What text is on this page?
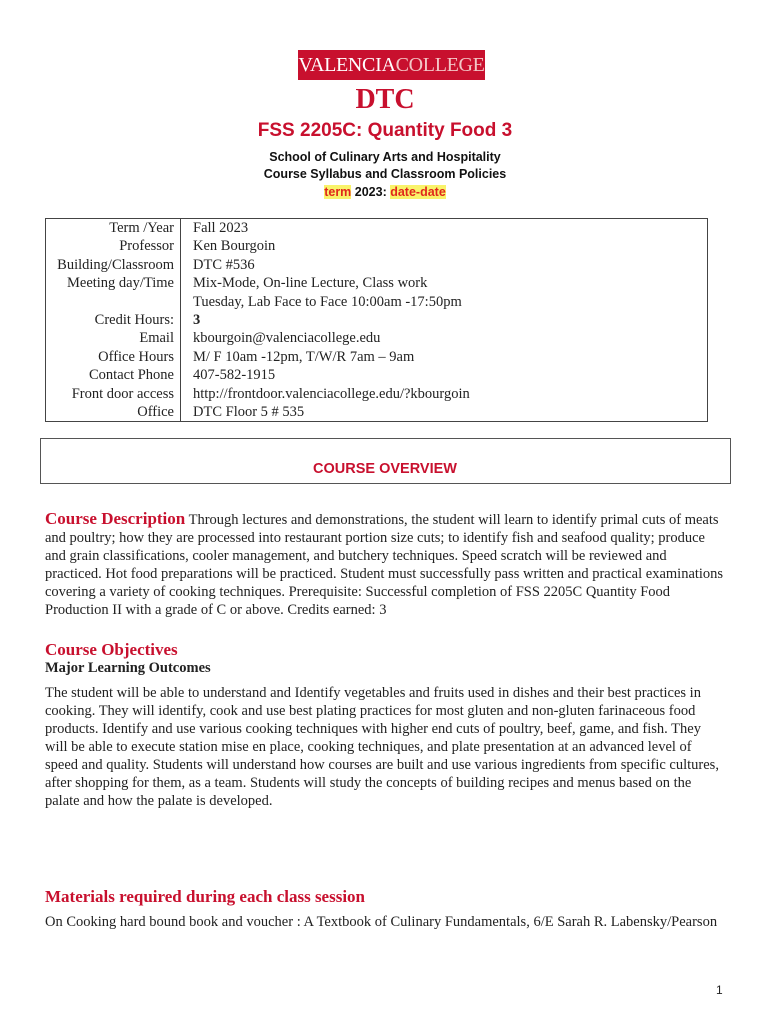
VALENCIA COLLEGE
DTC
FSS 2205C: Quantity Food 3
School of Culinary Arts and Hospitality
Course Syllabus and Classroom Policies
term 2023: date-date
Term /Year	Fall 2023
Professor	Ken Bourgoin
Building/Classroom	DTC #536
Meeting day/Time	Mix-Mode, On-line Lecture, Class work
	Tuesday, Lab Face to Face 10:00am -17:50pm
Credit Hours:	3
Email	kbourgoin@valenciacollege.edu
Office Hours	M/ F 10am -12pm, T/W/R 7am – 9am
Contact Phone	407-582-1915
Front door access	http://frontdoor.valenciacollege.edu/?kbourgoin
Office	DTC Floor 5 # 535
COURSE OVERVIEW
Course Description Through lectures and demonstrations, the student will learn to identify primal cuts of meats and poultry; how they are processed into restaurant portion size cuts; to identify fish and seafood quality; produce and grain classifications, cooler management, and butchery techniques. Speed scratch will be reviewed and practiced. Hot food preparations will be practiced. Student must successfully pass written and practical examinations covering a variety of cooking techniques. Prerequisite: Successful completion of FSS 2205C Quantity Food Production II with a grade of C or above. Credits earned: 3
Course Objectives
Major Learning Outcomes
The student will be able to understand and Identify vegetables and fruits used in dishes and their best practices in cooking. They will identify, cook and use best plating practices for most gluten and non-gluten farinaceous food products. Identify and use various cooking techniques with higher end cuts of poultry, beef, game, and fish. They will be able to execute station mise en place, cooking techniques, and plate presentation at an advanced level of speed and quality. Students will understand how courses are built and use various ingredients from specific cultures, after shopping for them, as a team. Students will study the concepts of building recipes and menus based on the palate and how the palate is developed.
Materials required during each class session
On Cooking hard bound book and voucher : A Textbook of Culinary Fundamentals, 6/E Sarah R. Labensky/Pearson
1
